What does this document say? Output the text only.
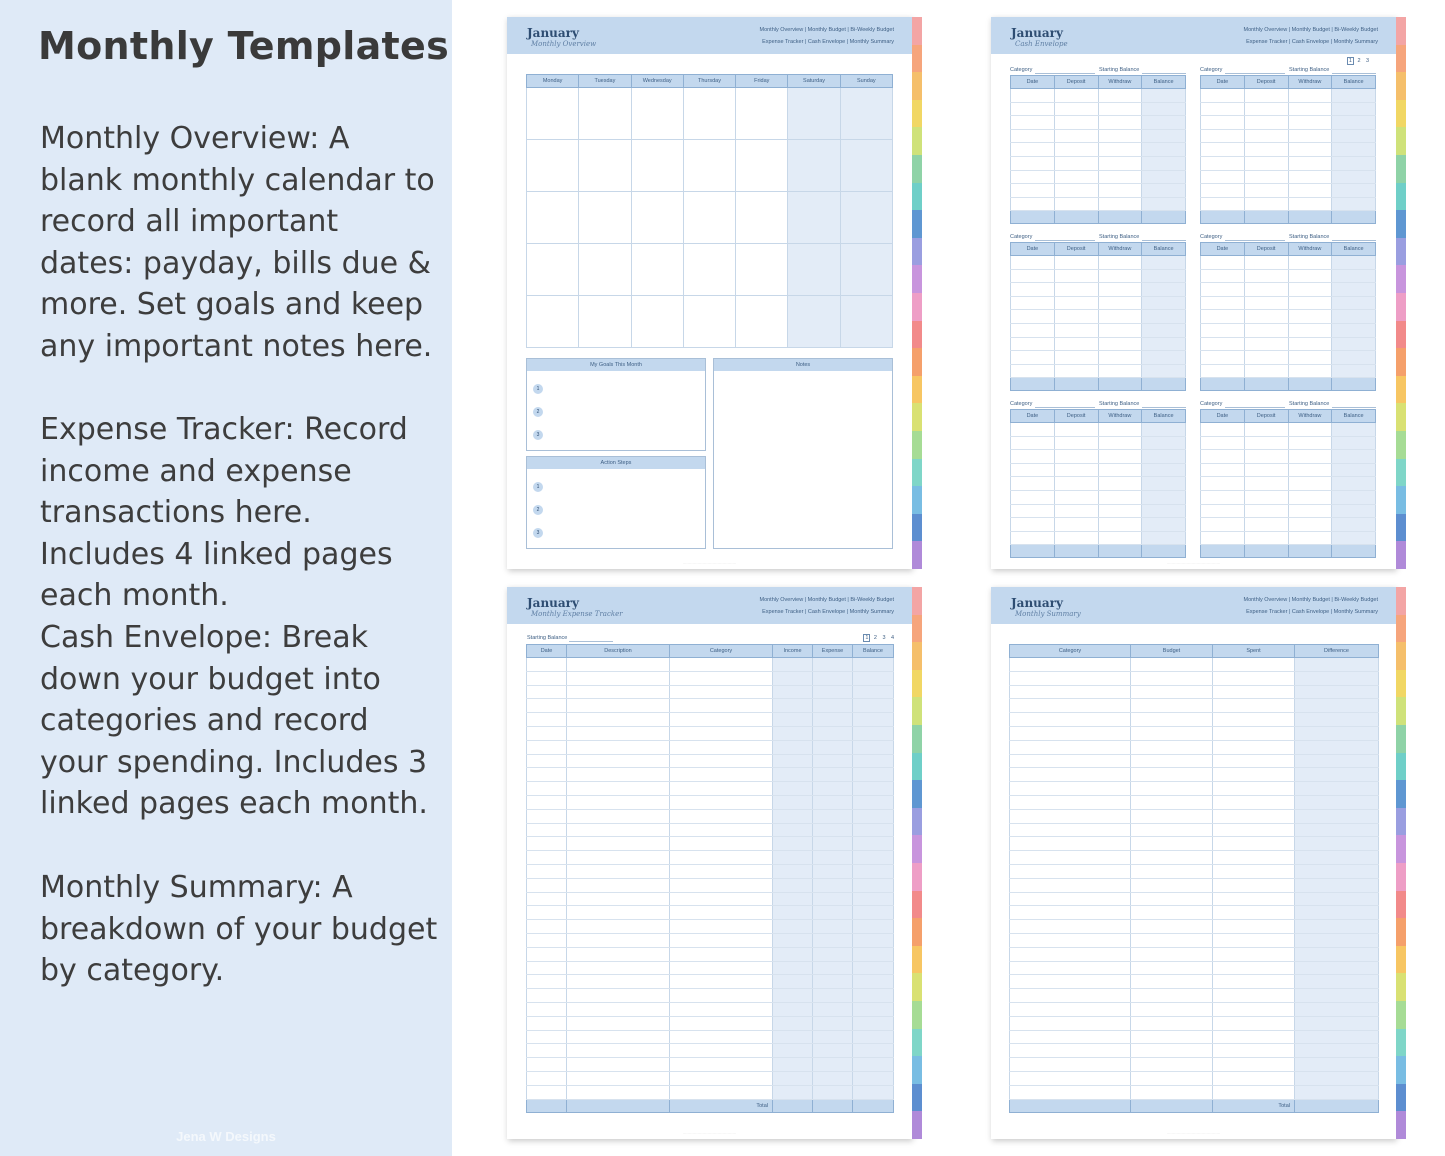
Monthly Templates
Monthly Overview: A blank monthly calendar to record all important dates: payday, bills due & more. Set goals and keep any important notes here.
Expense Tracker: Record income and expense transactions here. Includes 4 linked pages each month.
Cash Envelope: Break down your budget into categories and record your spending. Includes 3 linked pages each month.
Monthly Summary: A breakdown of your budget by category.
Jena W Designs
January
Monthly Overview
Monthly Overview | Monthly Budget | Bi-Weekly Budget
Expense Tracker | Cash Envelope | Monthly Summary
Monday	Tuesday	Wednesday	Thursday	Friday	Saturday	Sunday

My Goals This Month
1
2
3
Action Steps
1
2
3
Notes
................................................................
January
Cash Envelope
Monthly Overview | Monthly Budget | Bi-Weekly Budget
Expense Tracker | Cash Envelope | Monthly Summary
1 2 3
Category	Starting Balance
Date	Deposit	Withdraw	Balance

Category	Starting Balance
Date	Deposit	Withdraw	Balance

Category	Starting Balance
Date	Deposit	Withdraw	Balance

Category	Starting Balance
Date	Deposit	Withdraw	Balance

Category	Starting Balance
Date	Deposit	Withdraw	Balance

Category	Starting Balance
Date	Deposit	Withdraw	Balance

................................................................
January
Monthly Expense Tracker
Monthly Overview | Monthly Budget | Bi-Weekly Budget
Expense Tracker | Cash Envelope | Monthly Summary
Starting Balance	1 2 3 4
Date	Description	Category	Income	Expense	Balance

		Total			
................................................................
January
Monthly Summary
Monthly Overview | Monthly Budget | Bi-Weekly Budget
Expense Tracker | Cash Envelope | Monthly Summary
Category	Budget	Spent	Difference

		Total	
................................................................
